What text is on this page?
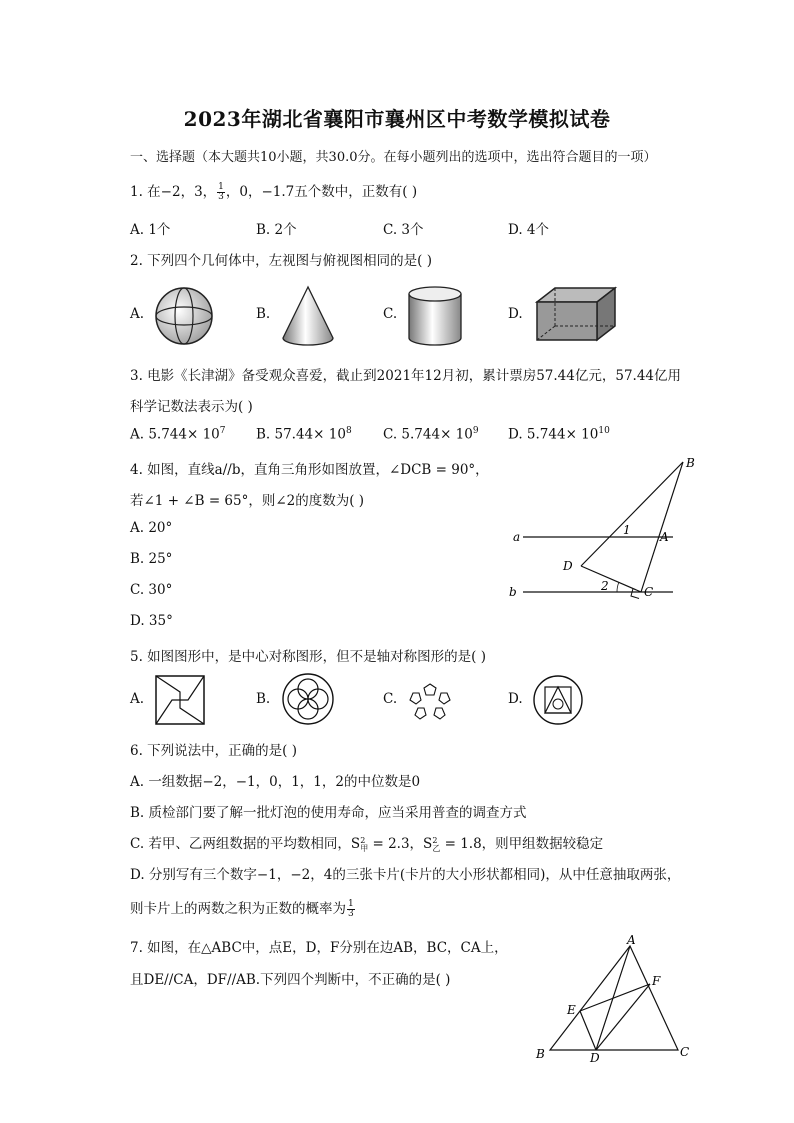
2023年湖北省襄阳市襄州区中考数学模拟试卷
一、选择题（本大题共10小题，共30.0分。在每小题列出的选项中，选出符合题目的一项）
1. 在−2，3， $\frac{1}{3}$ ，0，−1.7五个数中，正数有( )
A. 1个	B. 2个	C. 3个	D. 4个
2. 下列四个几何体中，左视图与俯视图相同的是( )
A.	B.	C.	D.
3. 电影《长津湖》备受观众喜爱，截止到2021年12月初，累计票房57.44亿元，57.44亿用
科学记数法表示为( )
A. $5.744\times 10^7$ B. $57.44\times 10^8$ C. $5.744\times 10^9$ D. $5.744\times 10^{10}$
4. 如图，直线a//b，直角三角形如图放置，∠DCB = 90°，
若∠1 + ∠B = 65°，则∠2的度数为( )
A. 20°
B. 25°
C. 30°
D. 35°
B
a	1 A
D
b	2	C
5. 如图图形中，是中心对称图形，但不是轴对称图形的是( )
A.	B.	C.	D.
6. 下列说法中，正确的是( )
A. 一组数据−2，−1，0，1，1，2的中位数是0
B. 质检部门要了解一批灯泡的使用寿命，应当采用普查的调查方式
C. 若甲、乙两组数据的平均数相同，S 2
甲 = 2.3，S 2
乙 = 1.8，则甲组数据较稳定
D. 分别写有三个数字−1，−2，4的三张卡片(卡片的大小形状都相同)，从中任意抽取两张，
则卡片上的两数之积为正数的概率为 $\frac{1}{3}$
7. 如图，在△ABC中，点E，D，F分别在边AB，BC，CA上，
且DE//CA，DF//AB.下列四个判断中，不正确的是( )
A
F
E
B	D	C
